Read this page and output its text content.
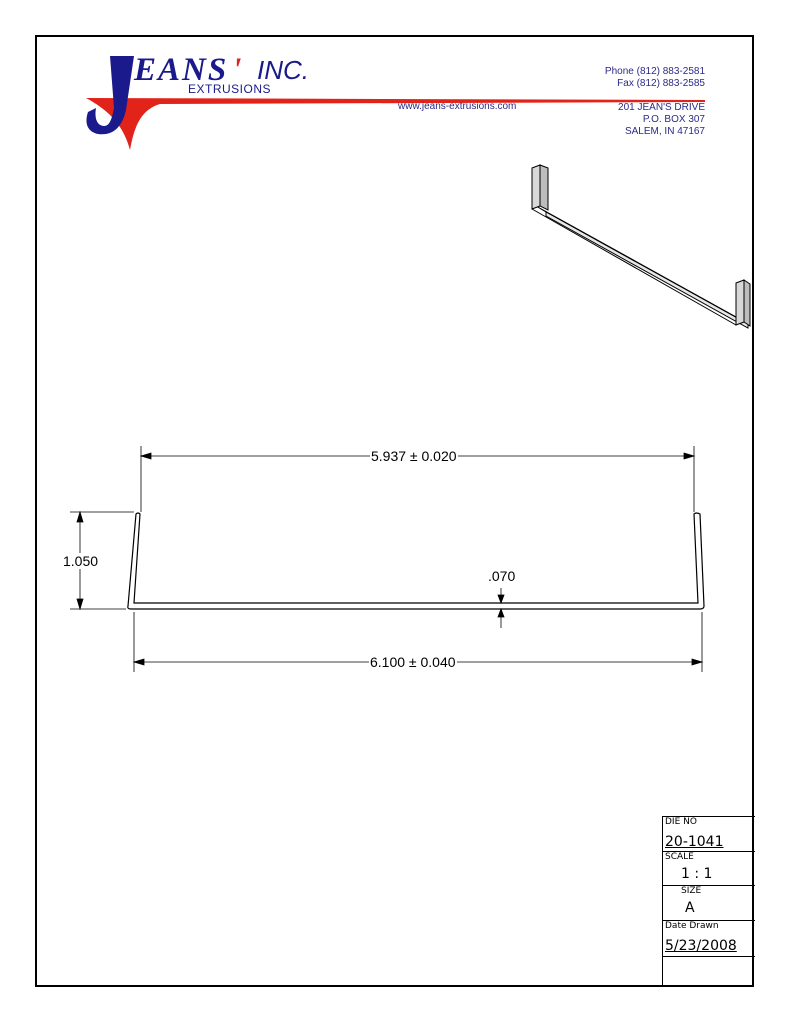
EANS ' INC.
EXTRUSIONS
Phone (812) 883-2581
Fax (812) 883-2585
201 JEAN'S DRIVE
P.O. BOX 307
SALEM, IN 47167
www.jeans-extrusions.com
5.937 ± 0.020
1.050
.070
6.100 ± 0.040
DIE NO
20-1041
SCALE
1 : 1
SIZE
A
Date Drawn
5/23/2008
